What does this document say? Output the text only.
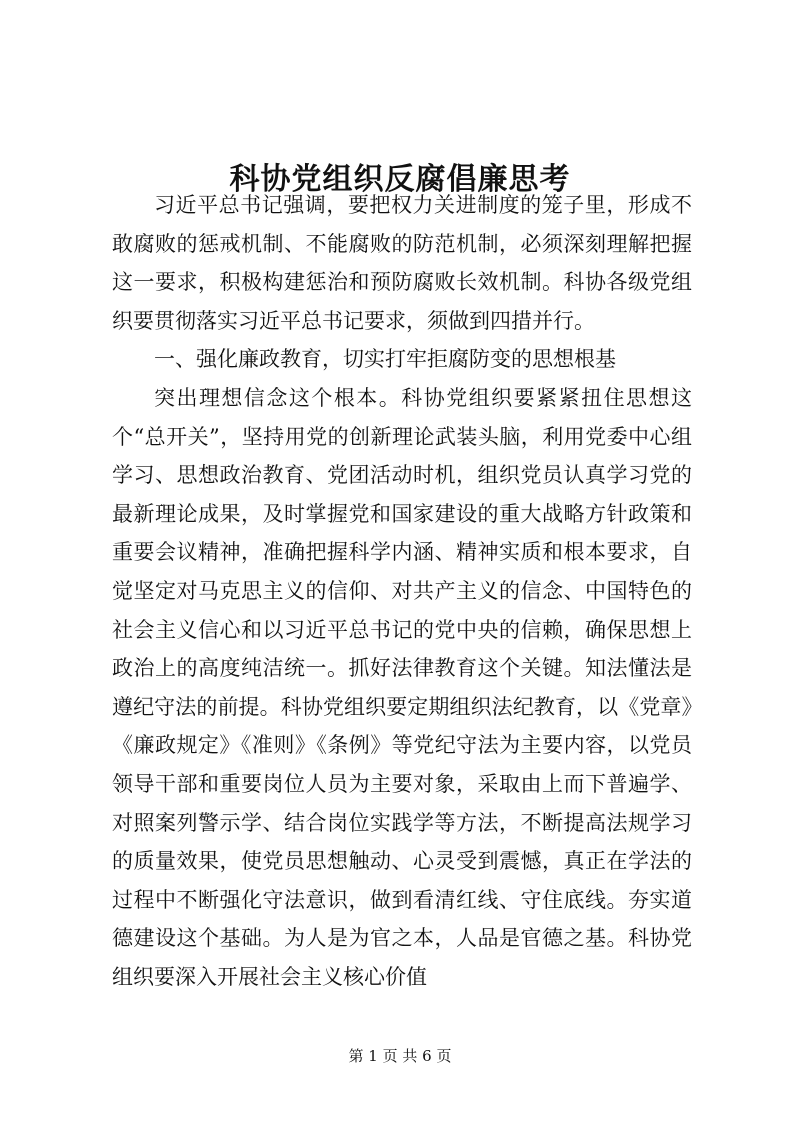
科协党组织反腐倡廉思考

习近平总书记强调，要把权力关进制度的笼子里，形成不敢腐败的惩戒机制、不能腐败的防范机制，必须深刻理解把握这一要求，积极构建惩治和预防腐败长效机制。科协各级党组织要贯彻落实习近平总书记要求，须做到四措并行。

一、强化廉政教育，切实打牢拒腐防变的思想根基

突出理想信念这个根本。科协党组织要紧紧扭住思想这个“总开关”，坚持用党的创新理论武装头脑，利用党委中心组学习、思想政治教育、党团活动时机，组织党员认真学习党的最新理论成果，及时掌握党和国家建设的重大战略方针政策和重要会议精神，准确把握科学内涵、精神实质和根本要求，自觉坚定对马克思主义的信仰、对共产主义的信念、中国特色的社会主义信心和以习近平总书记的党中央的信赖，确保思想上政治上的高度纯洁统一。抓好法律教育这个关键。知法懂法是遵纪守法的前提。科协党组织要定期组织法纪教育，以《党章》《廉政规定》《准则》《条例》等党纪守法为主要内容，以党员领导干部和重要岗位人员为主要对象，采取由上而下普遍学、对照案列警示学、结合岗位实践学等方法，不断提高法规学习的质量效果，使党员思想触动、心灵受到震憾，真正在学法的过程中不断强化守法意识，做到看清红线、守住底线。夯实道德建设这个基础。为人是为官之本，人品是官德之基。科协党组织要深入开展社会主义核心价值

第 1 页 共 6 页
